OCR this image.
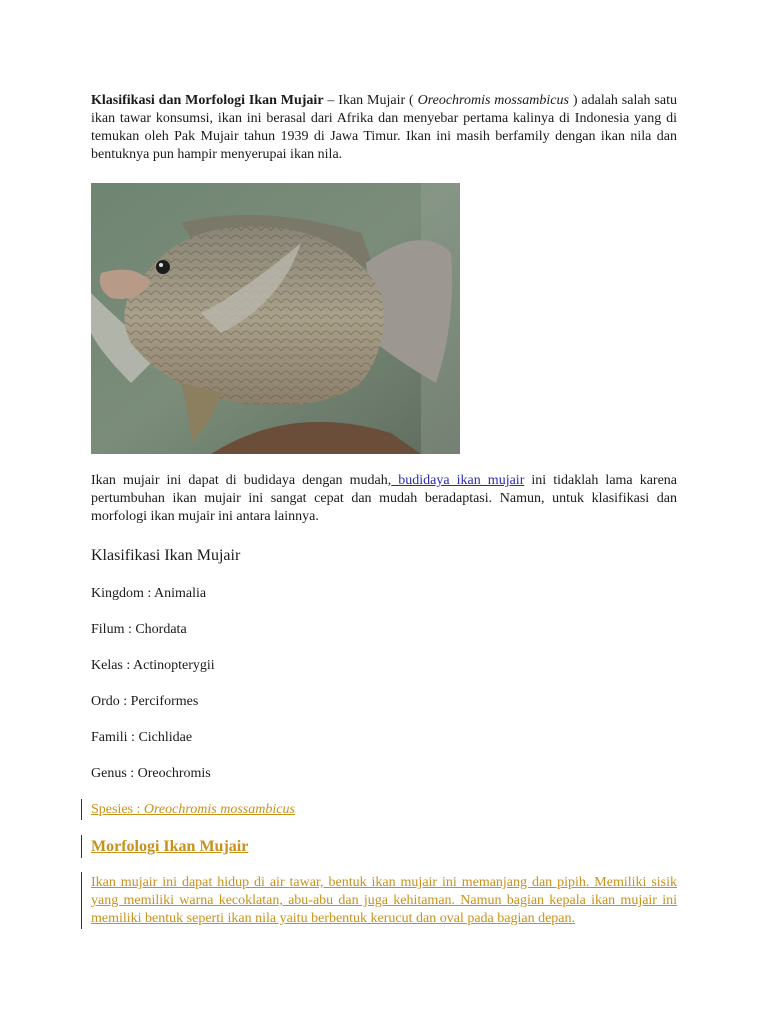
Klasifikasi dan Morfologi Ikan Mujair – Ikan Mujair ( Oreochromis mossambicus ) adalah salah satu ikan tawar konsumsi, ikan ini berasal dari Afrika dan menyebar pertama kalinya di Indonesia yang di temukan oleh Pak Mujair tahun 1939 di Jawa Timur. Ikan ini masih berfamily dengan ikan nila dan bentuknya pun hampir menyerupai ikan nila.

Ikan mujair ini dapat di budidaya dengan mudah, budidaya ikan mujair ini tidaklah lama karena pertumbuhan ikan mujair ini sangat cepat dan mudah beradaptasi. Namun, untuk klasifikasi dan morfologi ikan mujair ini antara lainnya.

Klasifikasi Ikan Mujair

Kingdom : Animalia

Filum : Chordata

Kelas : Actinopterygii

Ordo : Perciformes

Famili : Cichlidae

Genus : Oreochromis

Spesies : Oreochromis mossambicus

Morfologi Ikan Mujair

Ikan mujair ini dapat hidup di air tawar, bentuk ikan mujair ini memanjang dan pipih. Memiliki sisik yang memiliki warna kecoklatan, abu-abu dan juga kehitaman. Namun bagian kepala ikan mujair ini memiliki bentuk seperti ikan nila yaitu berbentuk kerucut dan oval pada bagian depan.
